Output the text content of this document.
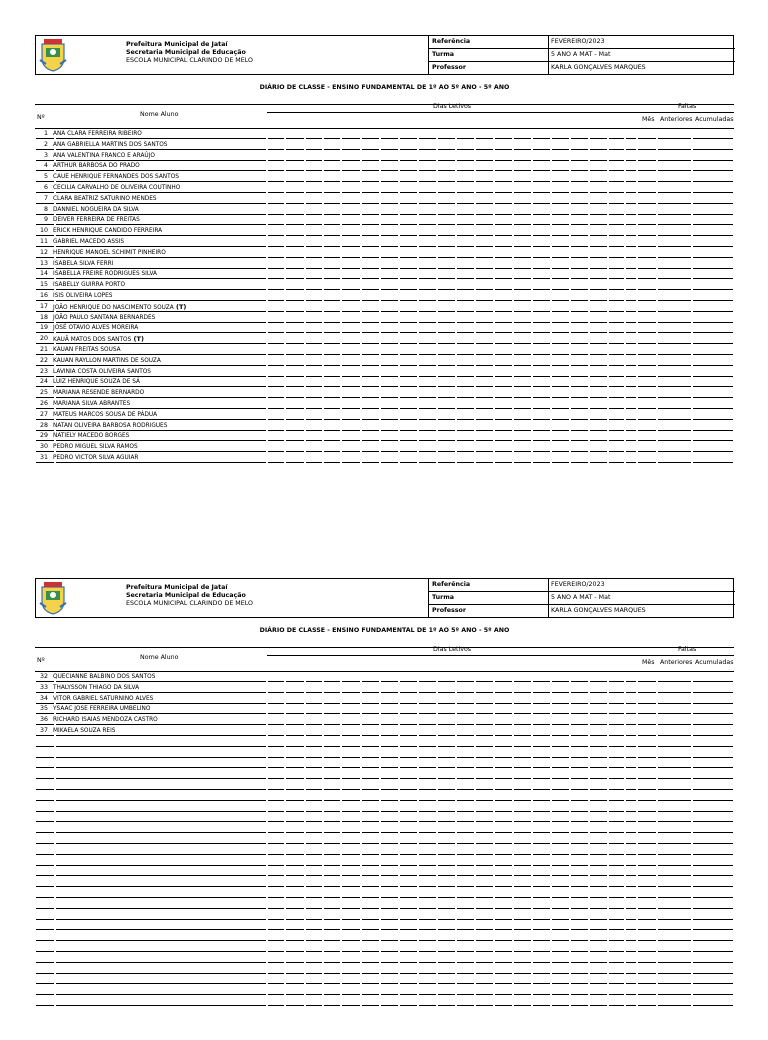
Prefeitura Municipal de Jataí
Secretaria Municipal de Educação
ESCOLA MUNICIPAL CLARINDO DE MELO
Referência	FEVEREIRO/2023
Turma	5 ANO A MAT - Mat
Professor	KARLA GONÇALVES MARQUES
DIÁRIO DE CLASSE - ENSINO FUNDAMENTAL DE 1º AO 5º ANO - 5º ANO
Nº	Nome Aluno
Dias Letivos	Faltas
Mês Anteriores Acumuladas
1 ANA CLARA FERREIRA RIBEIRO
2 ANA GABRIELLA MARTINS DOS SANTOS
3 ANA VALENTINA FRANCO E ARAÚJO
4 ARTHUR BARBOSA DO PRADO
5 CAUE HENRIQUE FERNANDES DOS SANTOS
6 CECILIA CARVALHO DE OLIVEIRA COUTINHO
7 CLARA BEATRIZ SATURINO MENDES
8 DANNIEL NOGUEIRA DA SILVA
9 DEIVER FERREIRA DE FREITAS
10 ERICK HENRIQUE CANDIDO FERREIRA
11 GABRIEL MACEDO ASSIS
12 HENRIQUE MANOEL SCHIMIT PINHEIRO
13 ISABELA SILVA FERRI
14 ISABELLA FREIRE RODRIGUES SILVA
15 ISABELLY GUIRRA PORTO
16 ISIS OLIVEIRA LOPES
17 JOÃO HENRIQUE DO NASCIMENTO SOUZA (T)
18 JOÃO PAULO SANTANA BERNARDES
19 JOSÉ OTAVIO ALVES MOREIRA
20 KAUÃ MATOS DOS SANTOS (T)
21 KAUAN FREITAS SOUSA
22 KAUAN RAYLLON MARTINS DE SOUZA
23 LAVINIA COSTA OLIVEIRA SANTOS
24 LUIZ HENRIQUE SOUZA DE SÁ
25 MARIANA RESENDE BERNARDO
26 MARIANA SILVA ABRANTES
27 MATEUS MARCOS SOUSA DE PÁDUA
28 NATAN OLIVEIRA BARBOSA RODRIGUES
29 NATIELY MACEDO BORGES
30 PEDRO MIGUEL SILVA RAMOS
31 PEDRO VICTOR SILVA AGUIAR
Prefeitura Municipal de Jataí
Secretaria Municipal de Educação
ESCOLA MUNICIPAL CLARINDO DE MELO
Referência	FEVEREIRO/2023
Turma	5 ANO A MAT - Mat
Professor	KARLA GONÇALVES MARQUES
DIÁRIO DE CLASSE - ENSINO FUNDAMENTAL DE 1º AO 5º ANO - 5º ANO
Nº	Nome Aluno
Dias Letivos	Faltas
Mês Anteriores Acumuladas
32 QUECIANNE BALBINO DOS SANTOS
33 THALYSSON THIAGO DA SILVA
34 VITOR GABRIEL SATURNINO ALVES
35 YSAAC JOSE FERREIRA UMBELINO
36 RICHARD ISAIAS MENDOZA CASTRO
37 MIKAELA SOUZA REIS
